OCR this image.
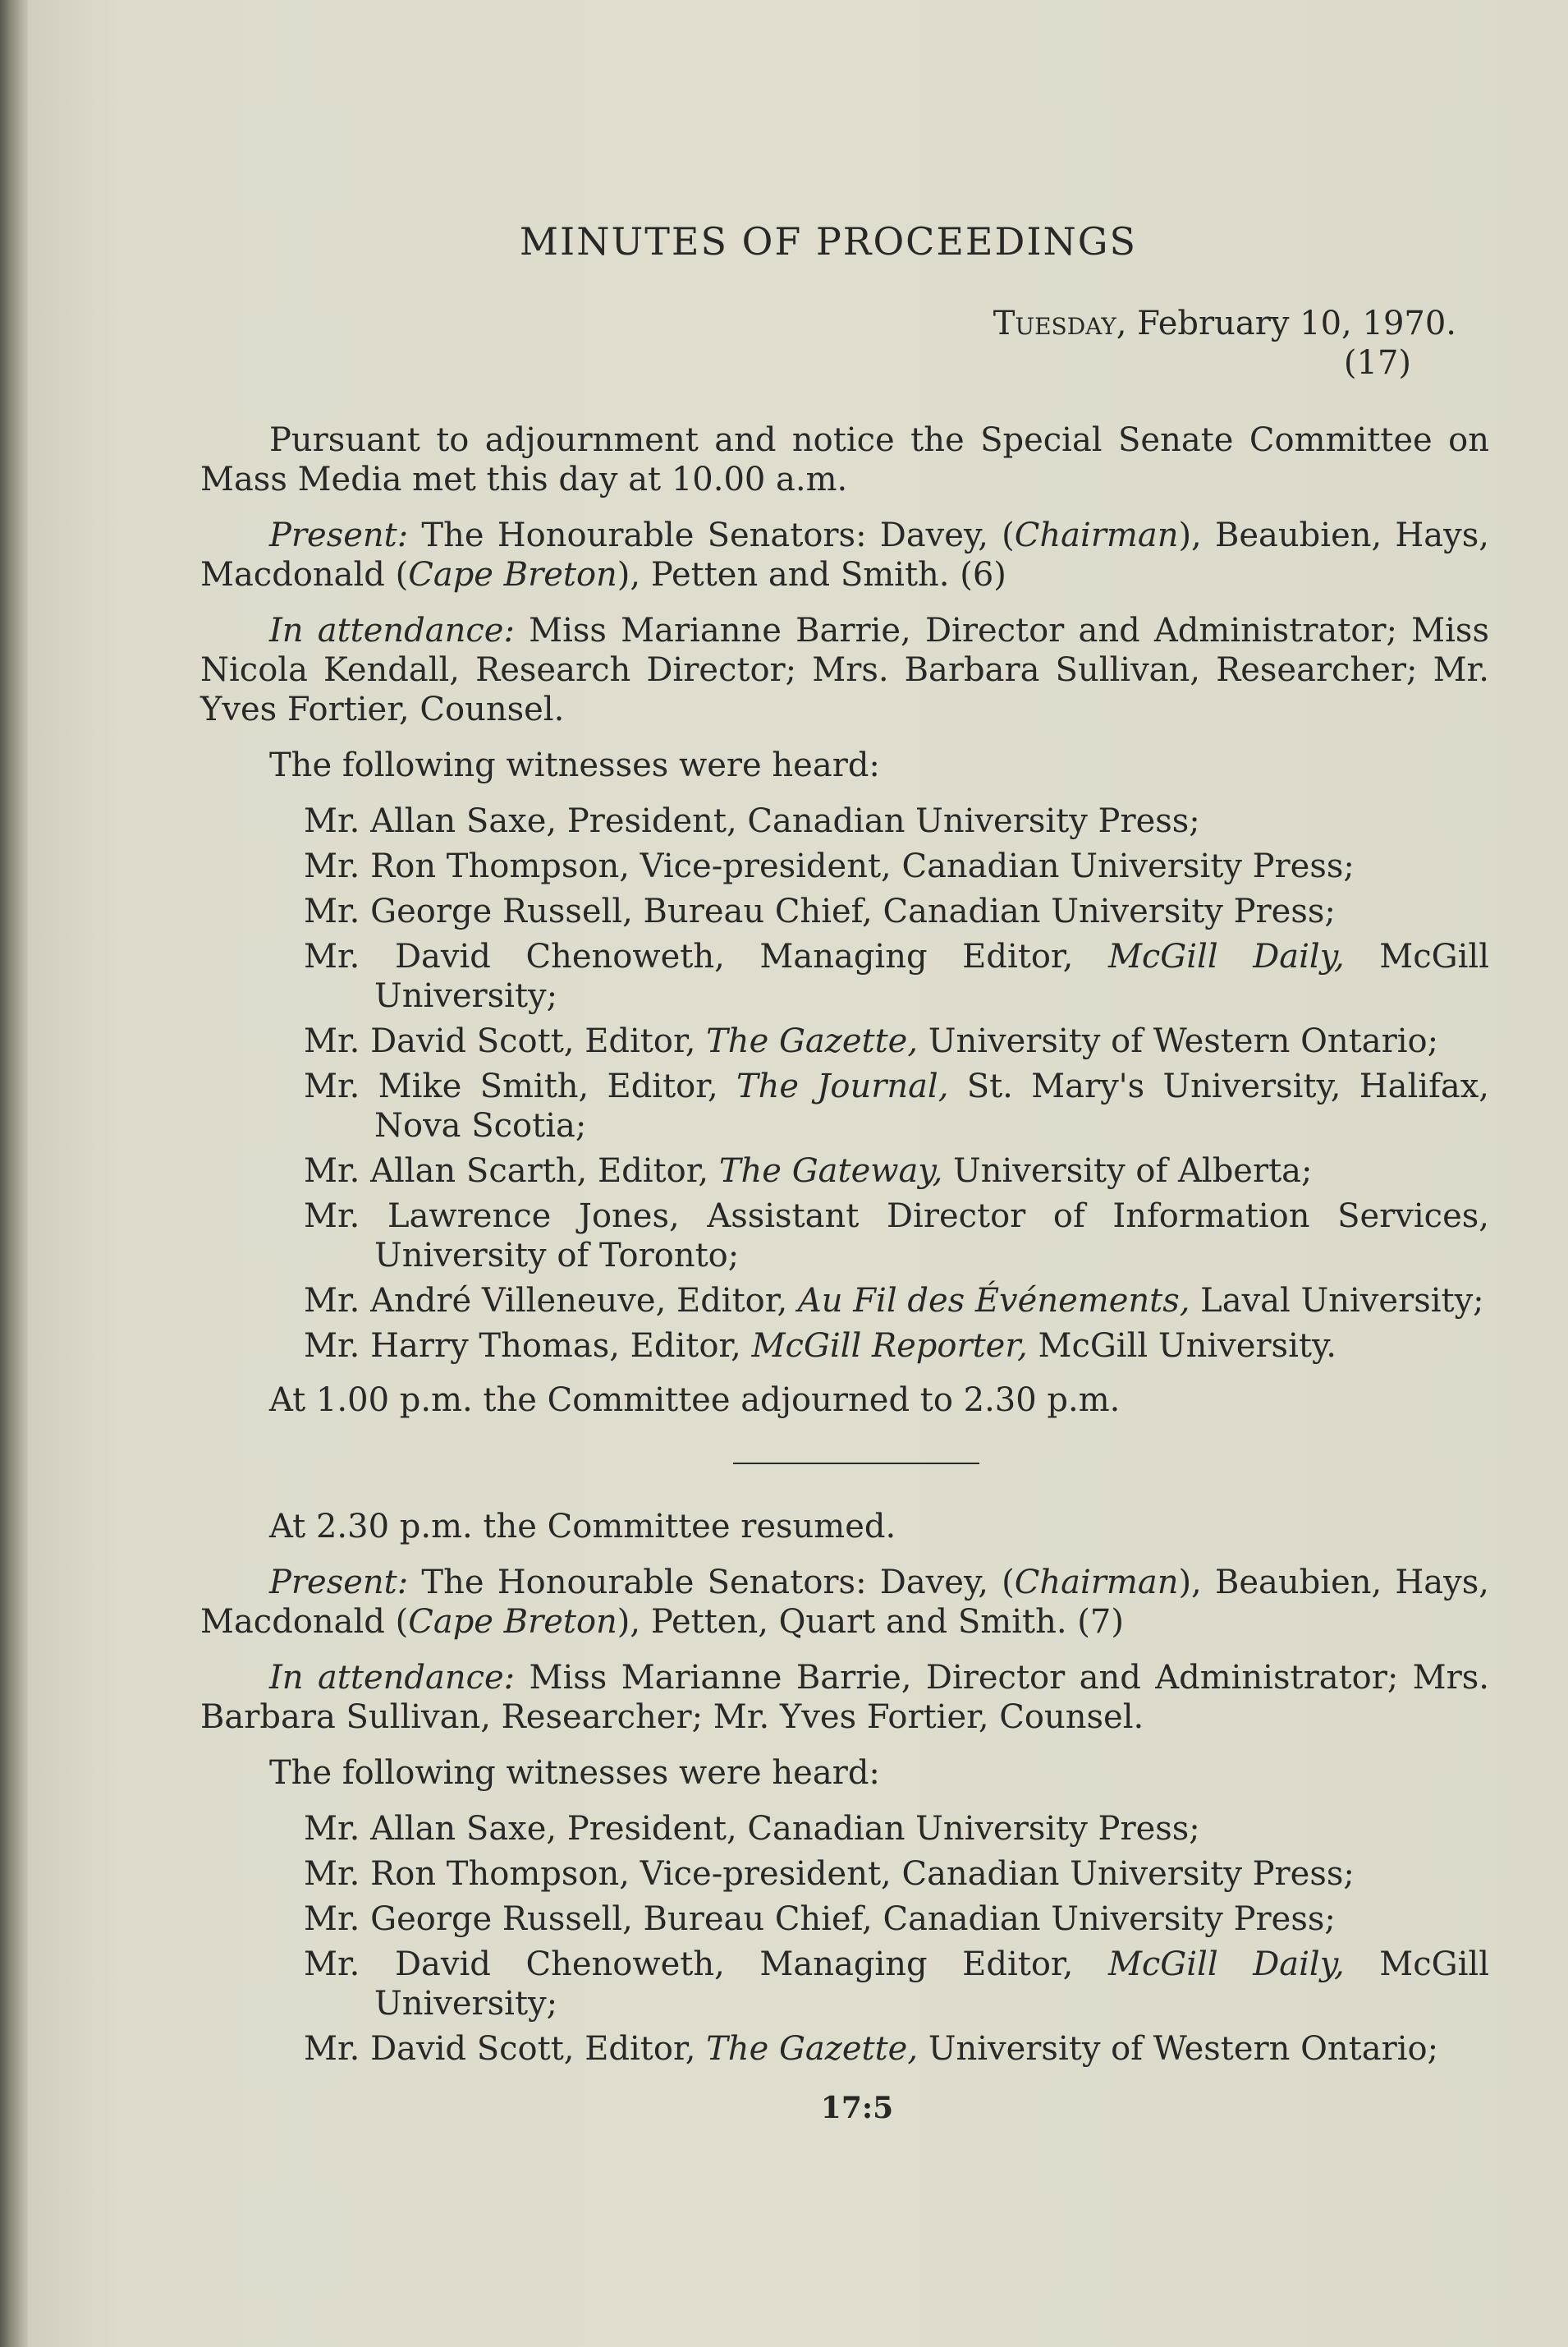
MINUTES OF PROCEEDINGS
Tuesday, February 10, 1970.
(17)

Pursuant to adjournment and notice the Special Senate Committee on Mass Media met this day at 10.00 a.m.

Present: The Honourable Senators: Davey, (Chairman), Beaubien, Hays, Macdonald (Cape Breton), Petten and Smith. (6)

In attendance: Miss Marianne Barrie, Director and Administrator; Miss Nicola Kendall, Research Director; Mrs. Barbara Sullivan, Researcher; Mr. Yves Fortier, Counsel.

The following witnesses were heard:

Mr. Allan Saxe, President, Canadian University Press;
Mr. Ron Thompson, Vice-president, Canadian University Press;
Mr. George Russell, Bureau Chief, Canadian University Press;
Mr. David Chenoweth, Managing Editor, McGill Daily, McGill University;
Mr. David Scott, Editor, The Gazette, University of Western Ontario;
Mr. Mike Smith, Editor, The Journal, St. Mary's University, Halifax, Nova Scotia;
Mr. Allan Scarth, Editor, The Gateway, University of Alberta;
Mr. Lawrence Jones, Assistant Director of Information Services, University of Toronto;
Mr. André Villeneuve, Editor, Au Fil des Événements, Laval University;
Mr. Harry Thomas, Editor, McGill Reporter, McGill University.

At 1.00 p.m. the Committee adjourned to 2.30 p.m.

At 2.30 p.m. the Committee resumed.

Present: The Honourable Senators: Davey, (Chairman), Beaubien, Hays, Macdonald (Cape Breton), Petten, Quart and Smith. (7)

In attendance: Miss Marianne Barrie, Director and Administrator; Mrs. Barbara Sullivan, Researcher; Mr. Yves Fortier, Counsel.

The following witnesses were heard:

Mr. Allan Saxe, President, Canadian University Press;
Mr. Ron Thompson, Vice-president, Canadian University Press;
Mr. George Russell, Bureau Chief, Canadian University Press;
Mr. David Chenoweth, Managing Editor, McGill Daily, McGill University;
Mr. David Scott, Editor, The Gazette, University of Western Ontario;
17:5
